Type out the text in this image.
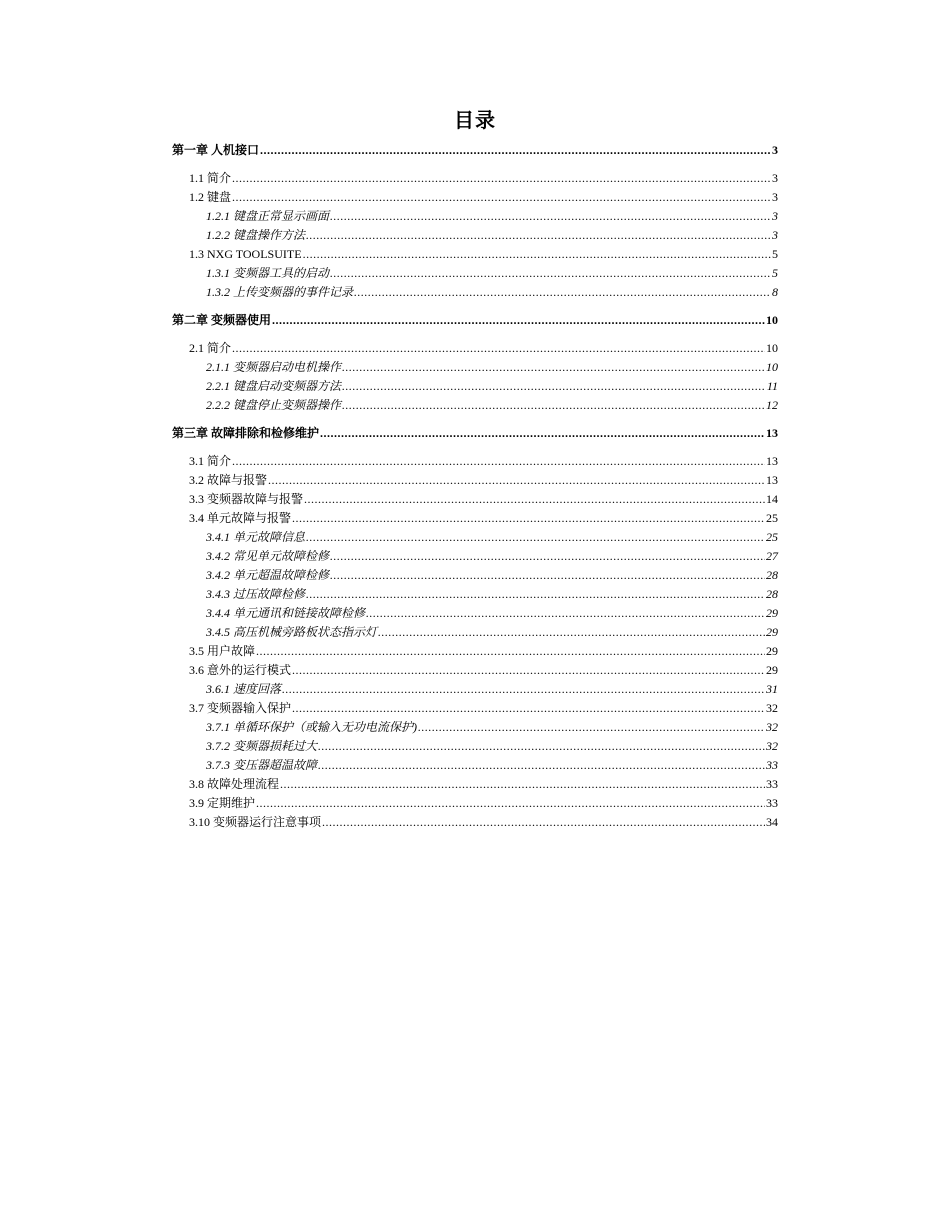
目录
第一章 人机接口 .....	3
1.1 简介 .....	3
1.2 键盘 .....	3
1.2.1 键盘正常显示画面 .....	3
1.2.2 键盘操作方法 .....	3
1.3 NXG TOOLSUITE .....	5
1.3.1 变频器工具的启动 .....	5
1.3.2 上传变频器的事件记录 .....	8
第二章 变频器使用 .....	10
2.1 简介 .....	10
2.1.1 变频器启动电机操作 .....	10
2.2.1 键盘启动变频器方法 .....	11
2.2.2 键盘停止变频器操作 .....	12
第三章 故障排除和检修维护 .....	13
3.1 简介 .....	13
3.2 故障与报警 .....	13
3.3 变频器故障与报警 .....	14
3.4 单元故障与报警 .....	25
3.4.1 单元故障信息 .....	25
3.4.2 常见单元故障检修 .....	27
3.4.2 单元超温故障检修 .....	28
3.4.3 过压故障检修 .....	28
3.4.4 单元通讯和链接故障检修 .....	29
3.4.5 高压机械旁路板状态指示灯 .....	29
3.5 用户故障 .....	29
3.6 意外的运行模式 .....	29
3.6.1 速度回落 .....	31
3.7 变频器输入保护 .....	32
3.7.1 单循环保护（或输入无功电流保护) .....	32
3.7.2 变频器损耗过大 .....	32
3.7.3 变压器超温故障 .....	33
3.8 故障处理流程 .....	33
3.9 定期维护 .....	33
3.10 变频器运行注意事项 .....	34
